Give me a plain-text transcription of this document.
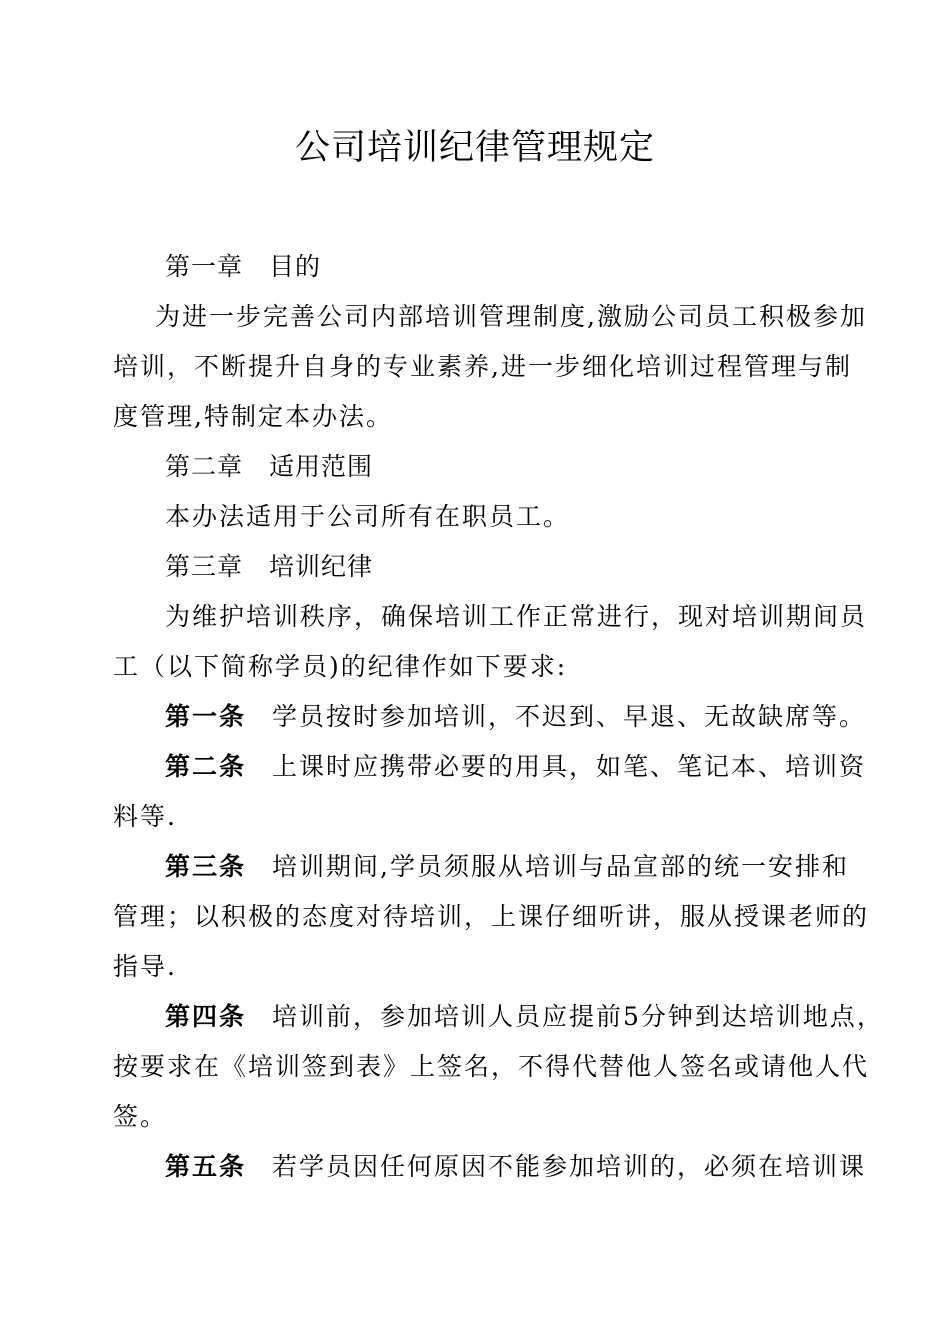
公司培训纪律管理规定
第一章 目的
为进一步完善公司内部培训管理制度,激励公司员工积极参加
培训，不断提升自身的专业素养,进一步细化培训过程管理与制
度管理,特制定本办法。
第二章 适用范围
本办法适用于公司所有在职员工。
第三章 培训纪律
为维护培训秩序，确保培训工作正常进行，现对培训期间员
工（以下简称学员)的纪律作如下要求:
第一条 学员按时参加培训，不迟到、早退、无故缺席等。
第二条 上课时应携带必要的用具，如笔、笔记本、培训资
料等.
第三条 培训期间,学员须服从培训与品宣部的统一安排和
管理；以积极的态度对待培训，上课仔细听讲，服从授课老师的
指导.
第四条 培训前，参加培训人员应提前5分钟到达培训地点，
按要求在《培训签到表》上签名，不得代替他人签名或请他人代
签。
第五条 若学员因任何原因不能参加培训的，必须在培训课
